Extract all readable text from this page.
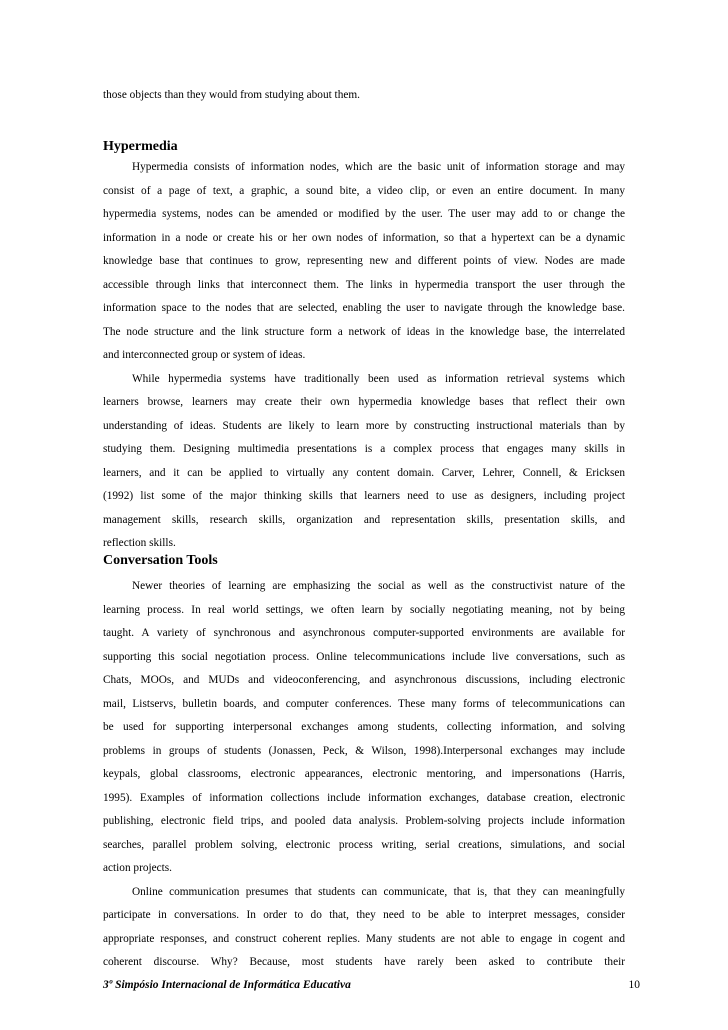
those objects than they would from studying about them.
Hypermedia
Hypermedia consists of information nodes, which are the basic unit of information storage and may
consist of a page of text, a graphic, a sound bite, a video clip, or even an entire document. In many
hypermedia systems, nodes can be amended or modified by the user. The user may add to or change the
information in a node or create his or her own nodes of information, so that a hypertext can be a dynamic
knowledge base that continues to grow, representing new and different points of view. Nodes are made
accessible through links that interconnect them. The links in hypermedia transport the user through the
information space to the nodes that are selected, enabling the user to navigate through the knowledge base.
The node structure and the link structure form a network of ideas in the knowledge base, the interrelated
and interconnected group or system of ideas.
While hypermedia systems have traditionally been used as information retrieval systems which
learners browse, learners may create their own hypermedia knowledge bases that reflect their own
understanding of ideas. Students are likely to learn more by constructing instructional materials than by
studying them. Designing multimedia presentations is a complex process that engages many skills in
learners, and it can be applied to virtually any content domain. Carver, Lehrer, Connell, & Ericksen
(1992) list some of the major thinking skills that learners need to use as designers, including project
management skills, research skills, organization and representation skills, presentation skills, and
reflection skills.
Conversation Tools
Newer theories of learning are emphasizing the social as well as the constructivist nature of the
learning process. In real world settings, we often learn by socially negotiating meaning, not by being
taught. A variety of synchronous and asynchronous computer-supported environments are available for
supporting this social negotiation process. Online telecommunications include live conversations, such as
Chats, MOOs, and MUDs and videoconferencing, and asynchronous discussions, including electronic
mail, Listservs, bulletin boards, and computer conferences. These many forms of telecommunications can
be used for supporting interpersonal exchanges among students, collecting information, and solving
problems in groups of students (Jonassen, Peck, & Wilson, 1998).Interpersonal exchanges may include
keypals, global classrooms, electronic appearances, electronic mentoring, and impersonations (Harris,
1995). Examples of information collections include information exchanges, database creation, electronic
publishing, electronic field trips, and pooled data analysis. Problem-solving projects include information
searches, parallel problem solving, electronic process writing, serial creations, simulations, and social
action projects.
Online communication presumes that students can communicate, that is, that they can meaningfully
participate in conversations. In order to do that, they need to be able to interpret messages, consider
appropriate responses, and construct coherent replies. Many students are not able to engage in cogent and
coherent discourse. Why? Because, most students have rarely been asked to contribute their
3º Simpósio Internacional de Informática Educativa	10
